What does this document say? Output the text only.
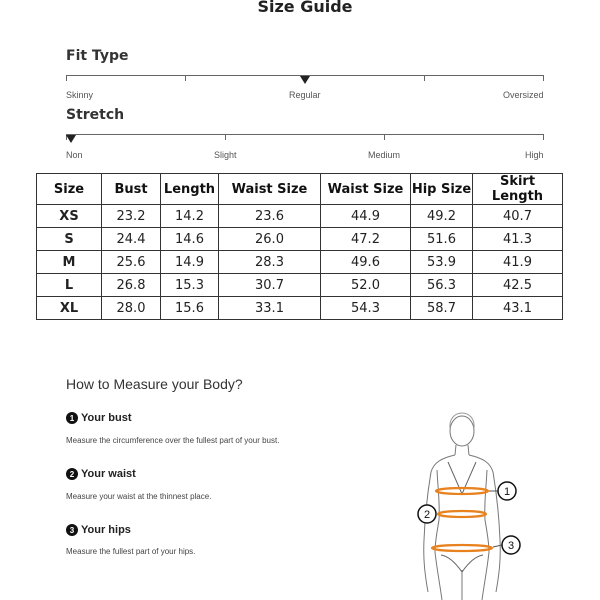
Size Guide
Fit Type
Skinny	Regular	Oversized
Stretch
Non	Slight	Medium	High
Size	Bust	Length	Waist Size	Waist Size	Hip Size	Skirt Length
XS	23.2	14.2	23.6	44.9	49.2	40.7
S	24.4	14.6	26.0	47.2	51.6	41.3
M	25.6	14.9	28.3	49.6	53.9	41.9
L	26.8	15.3	30.7	52.0	56.3	42.5
XL	28.0	15.6	33.1	54.3	58.7	43.1
How to Measure your Body?
1 Your bust
Measure the circumference over the fullest part of your bust.
2 Your waist
Measure your waist at the thinnest place.
3 Your hips
Measure the fullest part of your hips.
1
2
3
